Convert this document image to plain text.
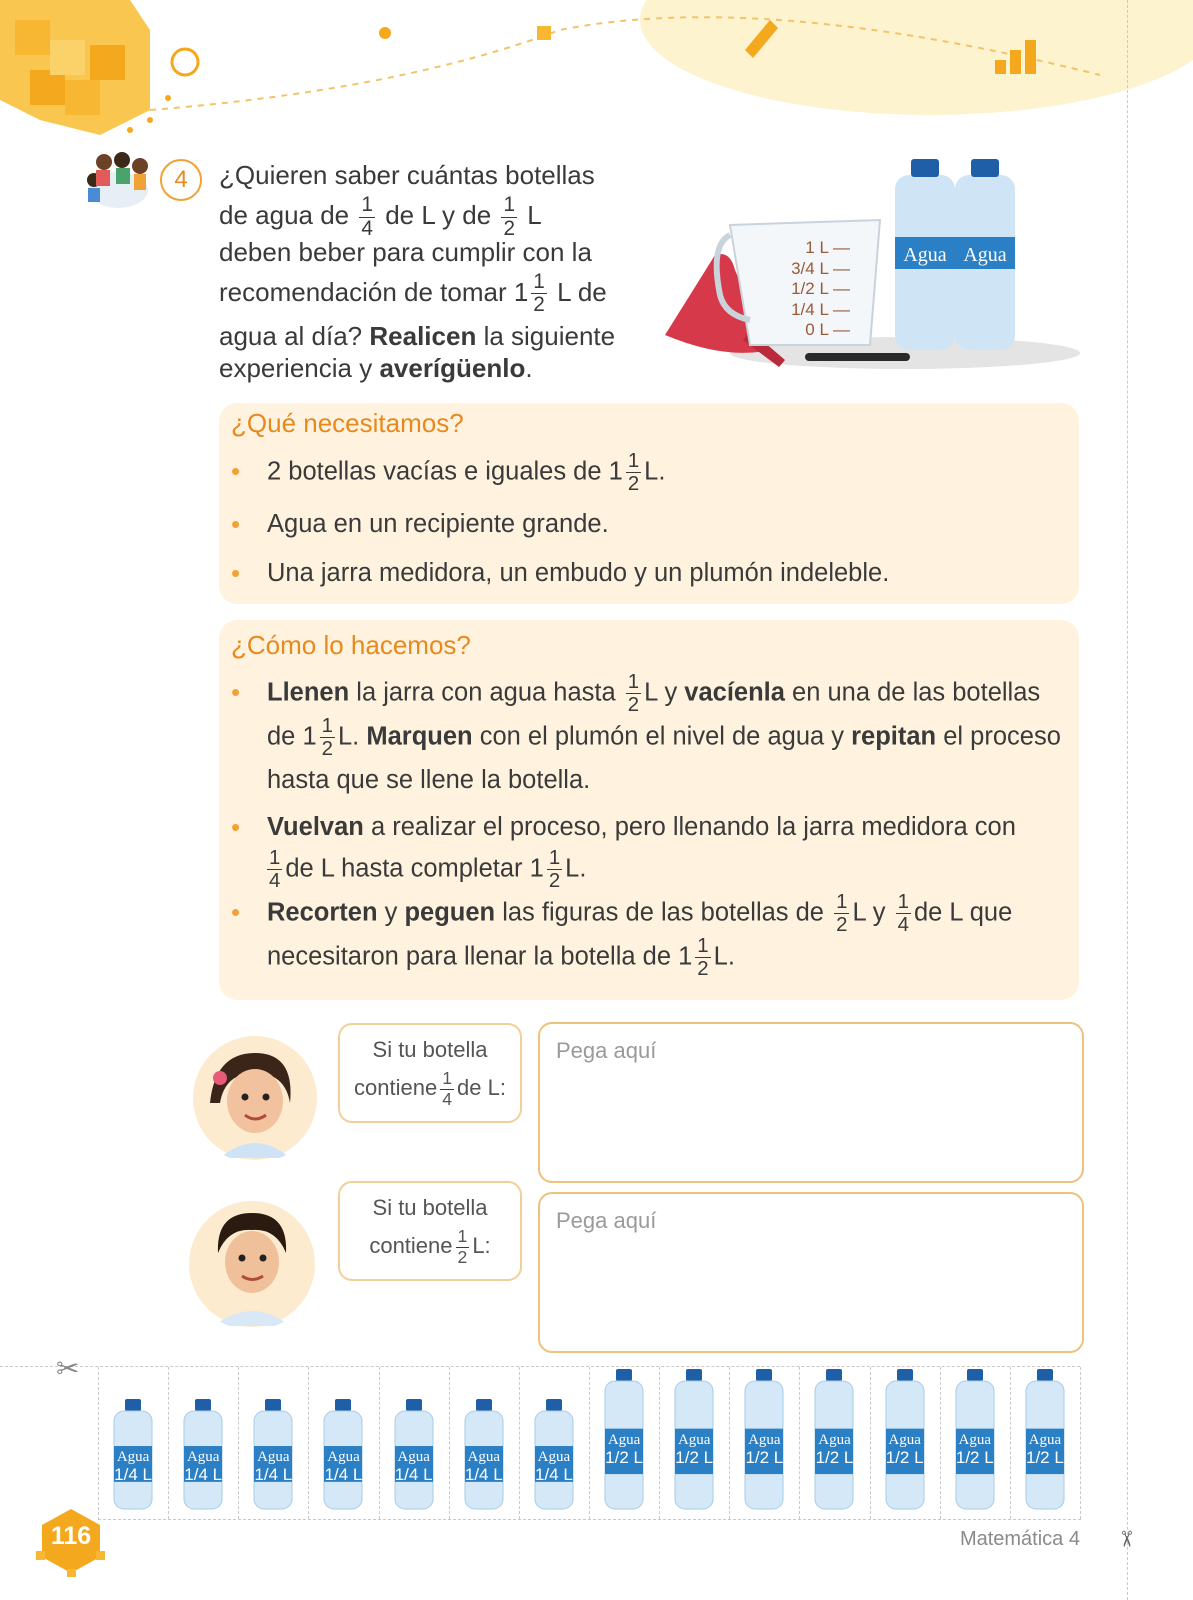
4	¿Quieren saber cuántas botellas
de agua de $\frac{1}{4}$ de L y de $\frac{1}{2}$ L
deben beber para cumplir con la
recomendación de tomar $1 \frac{1}{2}$ L de
agua al día? Realicen la siguiente
experiencia y averígüenlo.
1 L —
3/4 L —
1/2 L —
1/4 L —
0 L —
Agua Agua
¿Qué necesitamos?
• 2 botellas vacías e iguales de $1 \frac{1}{2} L$.
• Agua en un recipiente grande.
• Una jarra medidora, un embudo y un plumón indeleble.
¿Cómo lo hacemos?
• Llenen la jarra con agua hasta $\frac{1}{2}$ L y vacíenla en una de las botellas
de $1 \frac{1}{2} L$. Marquen con el plumón el nivel de agua y repitan el proceso
hasta que se llene la botella.
• Vuelvan a realizar el proceso, pero llenando la jarra medidora con

$\frac{1}{4}$ de L hasta completar $1 \frac{1}{2} L$.
• Recorten y peguen las figuras de las botellas de $\frac{1}{2}$ L y $\frac{1}{4}$ de L que
necesitaron para llenar la botella de $1 \frac{1}{2} L$.
Si tu botella
contiene $\frac{1}{4}$ de L:
Pega aquí
Si tu botella
contiene $\frac{1}{2} L$:
Pega aquí
✂
Agua
1/4 L
Agua
1/4 L
Agua
1/4 L
Agua
1/4 L
Agua
1/4 L
Agua
1/4 L
Agua
1/4 L
Agua
1/2 L
Agua
1/2 L
Agua
1/2 L
Agua
1/2 L
Agua
1/2 L
Agua
1/2 L
Agua
1/2 L
116	Matemática 4 ✂
